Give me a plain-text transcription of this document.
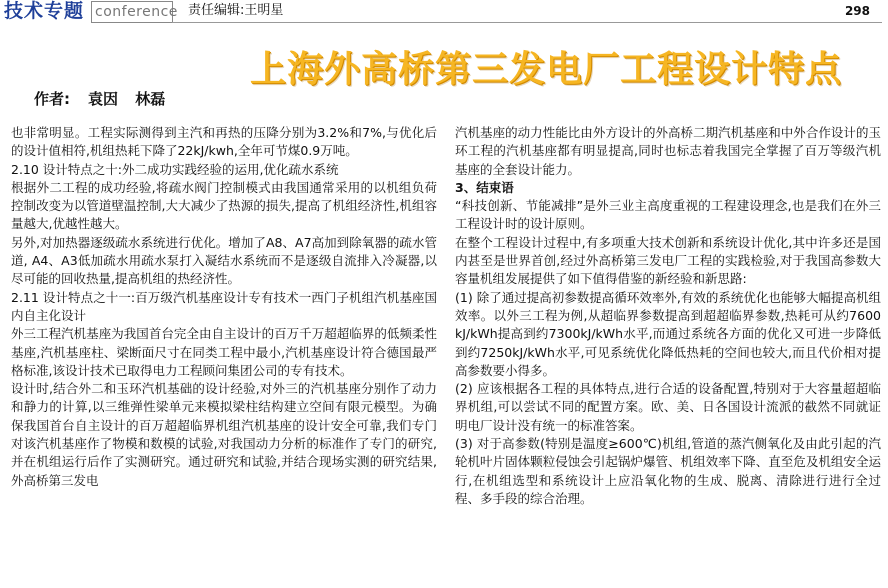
技术专题 conference 责任编辑:王明星	298
上海外高桥第三发电厂工程设计特点
作者: 袁因 林磊

也非常明显。工程实际测得到主汽和再热的压降分别为3.2%和7%,与优化后的设计值相符,机组热耗下降了22kJ/kwh,全年可节煤0.9万吨。

2.10 设计特点之十:外二成功实践经验的运用,优化疏水系统

根据外二工程的成功经验,将疏水阀门控制模式由我国通常采用的以机组负荷控制改变为以管道壁温控制,大大减少了热源的损失,提高了机组经济性,机组容量越大,优越性越大。

另外,对加热器逐级疏水系统进行优化。增加了A8、A7高加到除氧器的疏水管道, A4、A3低加疏水用疏水泵打入凝结水系统而不是逐级自流排入冷凝器,以尽可能的回收热量,提高机组的热经济性。

2.11 设计特点之十一:百万级汽机基座设计专有技术一西门子机组汽机基座国内自主化设计

外三工程汽机基座为我国首台完全由自主设计的百万千万超超临界的低频柔性基座,汽机基座柱、梁断面尺寸在同类工程中最小,汽机基座设计符合德国最严格标准,该设计技术已取得电力工程顾问集团公司的专有技术。

设计时,结合外二和玉环汽机基础的设计经验,对外三的汽机基座分别作了动力和静力的计算,以三维弹性梁单元来模拟梁柱结构建立空间有限元模型。为确保我国首台自主设计的百万超超临界机组汽机基座的设计安全可靠,我们专门对该汽机基座作了物模和数模的试验,对我国动力分析的标准作了专门的研究,并在机组运行后作了实测研究。通过研究和试验,并结合现场实测的研究结果,外高桥第三发电

汽机基座的动力性能比由外方设计的外高桥二期汽机基座和中外合作设计的玉环工程的汽机基座都有明显提高,同时也标志着我国完全掌握了百万等级汽机基座的全套设计能力。

3、结束语

“科技创新、节能减排”是外三业主高度重视的工程建设理念,也是我们在外三工程设计时的设计原则。

在整个工程设计过程中,有多项重大技术创新和系统设计优化,其中许多还是国内甚至是世界首创,经过外高桥第三发电厂工程的实践检验,对于我国高参数大容量机组发展提供了如下值得借鉴的新经验和新思路:

(1) 除了通过提高初参数提高循环效率外,有效的系统优化也能够大幅提高机组效率。以外三工程为例,从超临界参数提高到超超临界参数,热耗可从约7600 kJ/kWh提高到约7300kJ/kWh水平,而通过系统各方面的优化又可进一步降低到约7250kJ/kWh水平,可见系统优化降低热耗的空间也较大,而且代价相对提高参数要小得多。

(2) 应该根据各工程的具体特点,进行合适的设备配置,特别对于大容量超超临界机组,可以尝试不同的配置方案。欧、美、日各国设计流派的截然不同就证明电厂设计没有统一的标准答案。

(3) 对于高参数(特别是温度≥600℃)机组,管道的蒸汽侧氧化及由此引起的汽轮机叶片固体颗粒侵蚀会引起锅炉爆管、机组效率下降、直至危及机组安全运行,在机组选型和系统设计上应沿氧化物的生成、脱离、清除进行进行全过程、多手段的综合治理。
